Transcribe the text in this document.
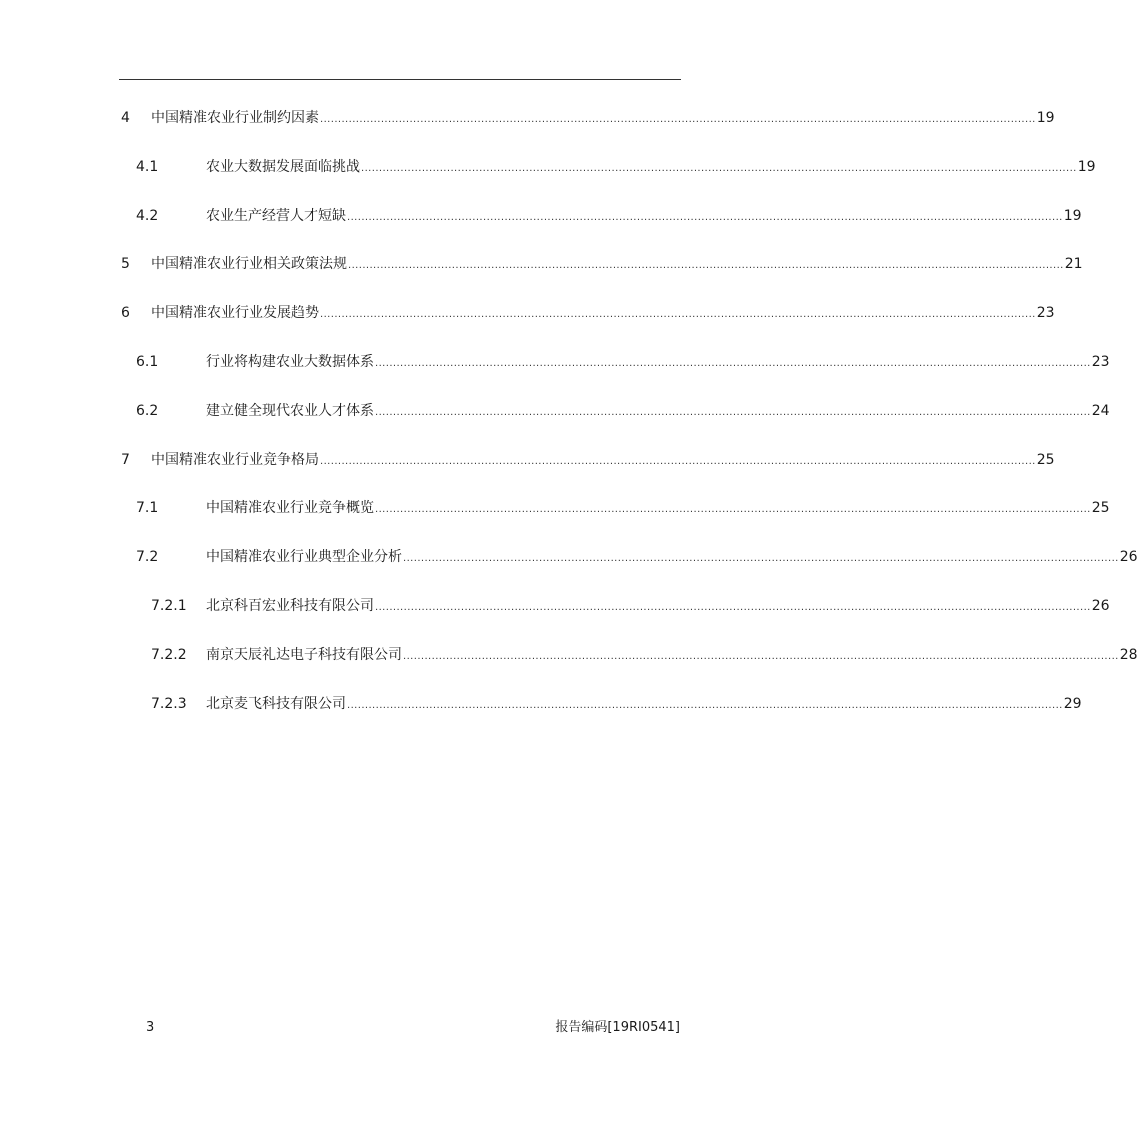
4 中国精准农业行业制约因素 ........................................................................................................................................................................................................ 19
4.1	农业大数据发展面临挑战 ........................................................................................................................................................................................................ 19
4.2	农业生产经营人才短缺 ........................................................................................................................................................................................................ 19
5 中国精准农业行业相关政策法规 ........................................................................................................................................................................................................ 21
6 中国精准农业行业发展趋势 ........................................................................................................................................................................................................ 23
6.1	行业将构建农业大数据体系 ........................................................................................................................................................................................................ 23
6.2	建立健全现代农业人才体系 ........................................................................................................................................................................................................ 24
7 中国精准农业行业竞争格局 ........................................................................................................................................................................................................ 25
7.1	中国精准农业行业竞争概览 ........................................................................................................................................................................................................ 25
7.2	中国精准农业行业典型企业分析 ........................................................................................................................................................................................................ 26
7.2.1 北京科百宏业科技有限公司 ........................................................................................................................................................................................................ 26
7.2.2 南京天辰礼达电子科技有限公司 ........................................................................................................................................................................................................ 28
7.2.3 北京麦飞科技有限公司 ........................................................................................................................................................................................................ 29
3	报告编码[19RI0541]
